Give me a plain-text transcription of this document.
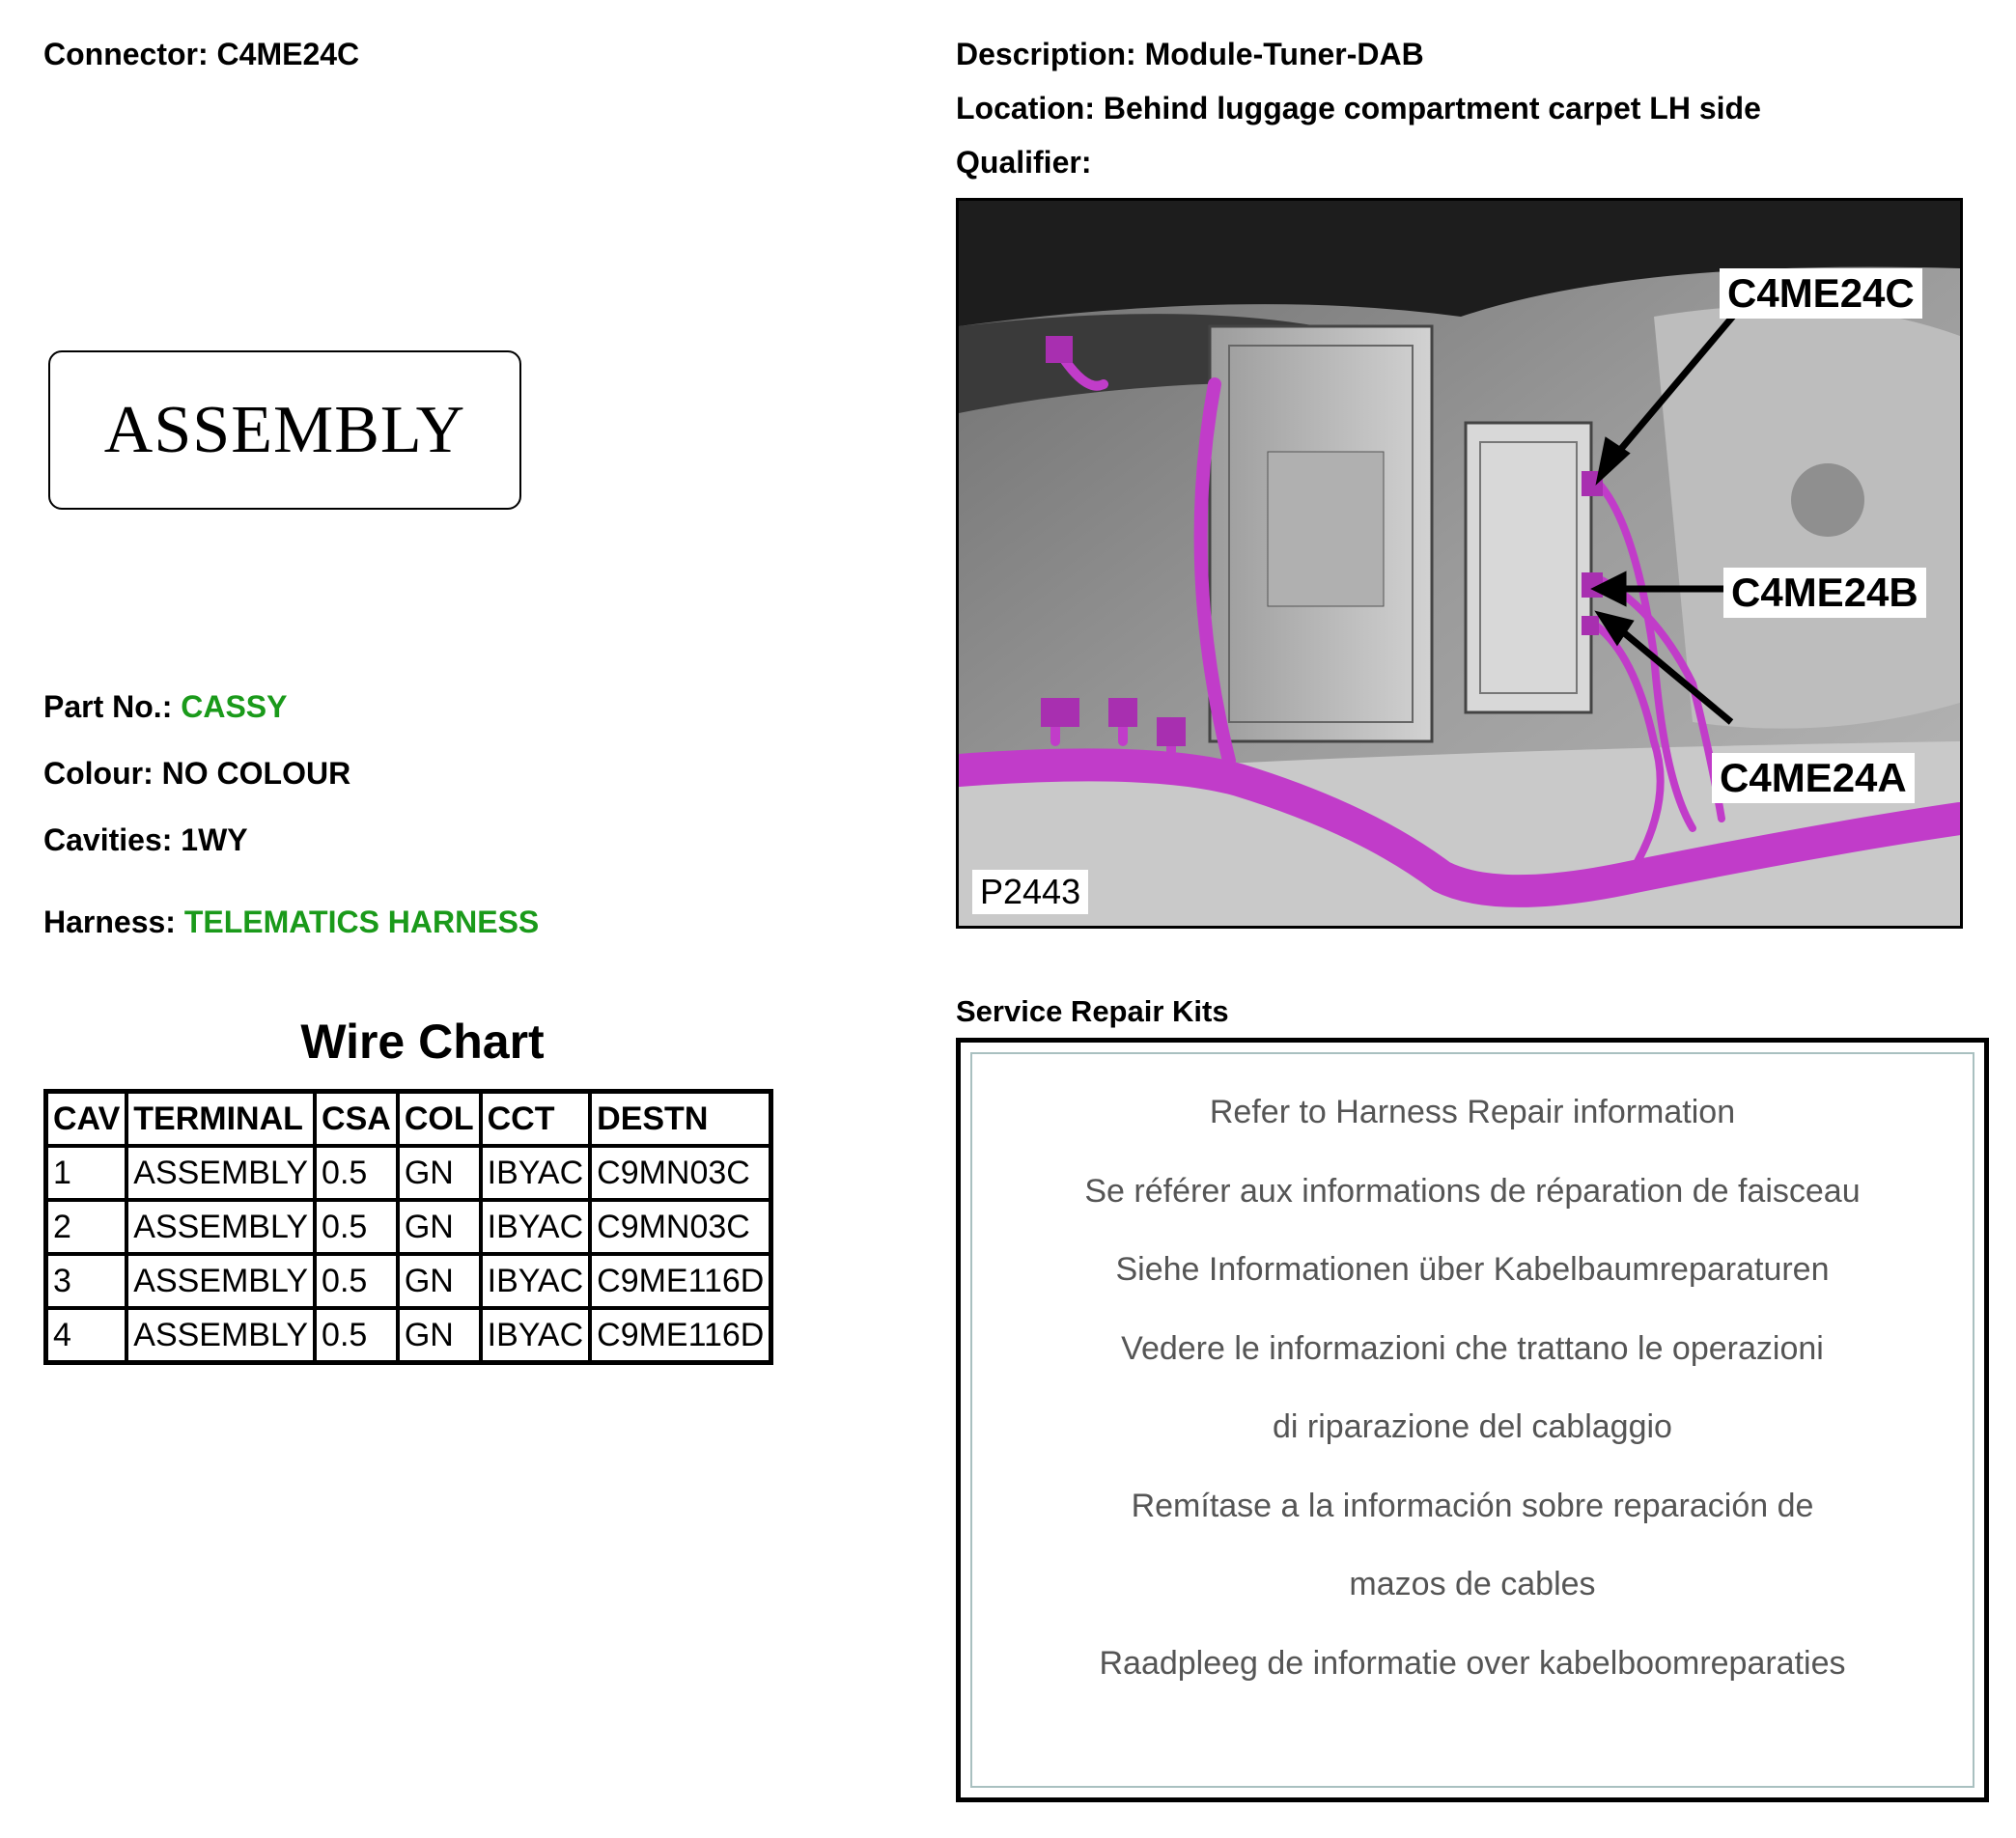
Connector: C4ME24C	Description: Module-Tuner-DAB
Location: Behind luggage compartment carpet LH side
Qualifier:
ASSEMBLY
Part No.: CASSY
Colour: NO COLOUR
Cavities: 1WY
Harness: TELEMATICS HARNESS
Wire Chart
CAV	TERMINAL	CSA	COL	CCT	DESTN
1	ASSEMBLY	0.5	GN	IBYAC	C9MN03C
2	ASSEMBLY	0.5	GN	IBYAC	C9MN03C
3	ASSEMBLY	0.5	GN	IBYAC	C9ME116D
4	ASSEMBLY	0.5	GN	IBYAC	C9ME116D
C4ME24C
C4ME24B
C4ME24A
P2443
Service Repair Kits
Refer to Harness Repair information
Se référer aux informations de réparation de faisceau
Siehe Informationen über Kabelbaumreparaturen
Vedere le informazioni che trattano le operazioni
di riparazione del cablaggio
Remítase a la información sobre reparación de
mazos de cables
Raadpleeg de informatie over kabelboomreparaties
